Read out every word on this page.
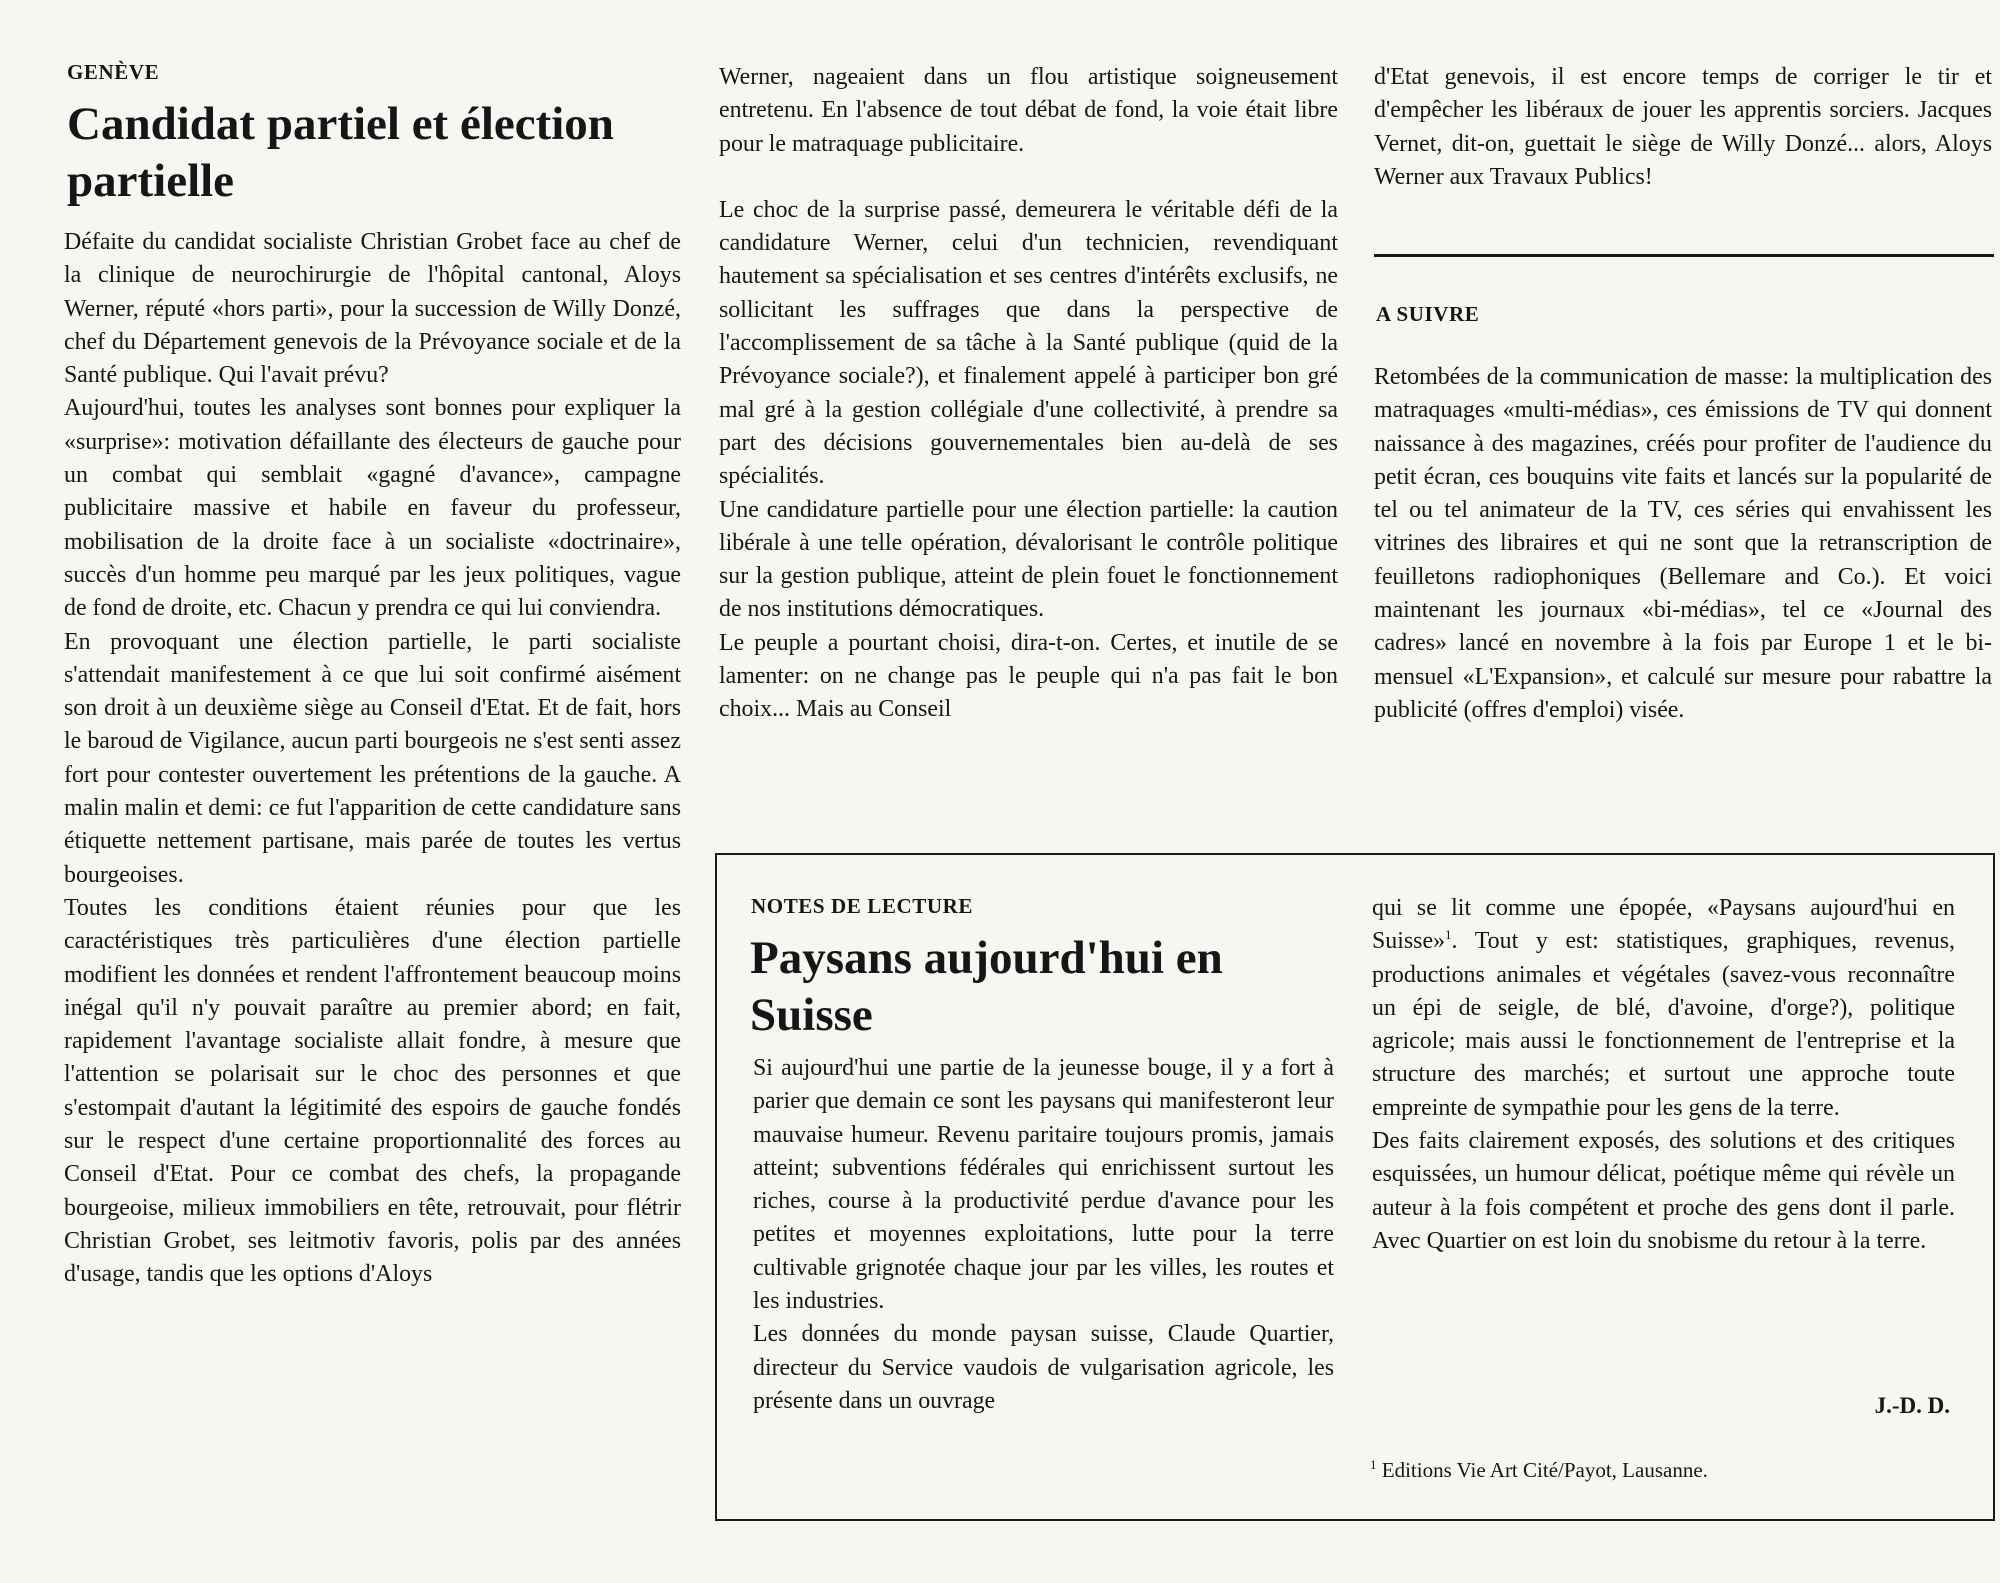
GENÈVE
Candidat partiel et élection partielle

Défaite du candidat socialiste Christian Grobet face au chef de la clinique de neurochirurgie de l'hôpital cantonal, Aloys Werner, réputé «hors parti», pour la succession de Willy Donzé, chef du Département genevois de la Prévoyance sociale et de la Santé publique. Qui l'avait prévu?

Aujourd'hui, toutes les analyses sont bonnes pour expliquer la «surprise»: motivation défaillante des électeurs de gauche pour un combat qui semblait «gagné d'avance», campagne publicitaire massive et habile en faveur du professeur, mobilisation de la droite face à un socialiste «doctrinaire», succès d'un homme peu marqué par les jeux politiques, vague de fond de droite, etc. Chacun y prendra ce qui lui conviendra.

En provoquant une élection partielle, le parti socialiste s'attendait manifestement à ce que lui soit confirmé aisément son droit à un deuxième siège au Conseil d'Etat. Et de fait, hors le baroud de Vigilance, aucun parti bourgeois ne s'est senti assez fort pour contester ouvertement les prétentions de la gauche. A malin malin et demi: ce fut l'apparition de cette candidature sans étiquette nettement partisane, mais parée de toutes les vertus bourgeoises.

Toutes les conditions étaient réunies pour que les caractéristiques très particulières d'une élection partielle modifient les données et rendent l'affrontement beaucoup moins inégal qu'il n'y pouvait paraître au premier abord; en fait, rapidement l'avantage socialiste allait fondre, à mesure que l'attention se polarisait sur le choc des personnes et que s'estompait d'autant la légitimité des espoirs de gauche fondés sur le respect d'une certaine proportionnalité des forces au Conseil d'Etat. Pour ce combat des chefs, la propagande bourgeoise, milieux immobiliers en tête, retrouvait, pour flétrir Christian Grobet, ses leitmotiv favoris, polis par des années d'usage, tandis que les options d'Aloys

Werner, nageaient dans un flou artistique soigneusement entretenu. En l'absence de tout débat de fond, la voie était libre pour le matraquage publicitaire.

Le choc de la surprise passé, demeurera le véritable défi de la candidature Werner, celui d'un technicien, revendiquant hautement sa spécialisation et ses centres d'intérêts exclusifs, ne sollicitant les suffrages que dans la perspective de l'accomplissement de sa tâche à la Santé publique (quid de la Prévoyance sociale?), et finalement appelé à participer bon gré mal gré à la gestion collégiale d'une collectivité, à prendre sa part des décisions gouvernementales bien au-delà de ses spécialités.

Une candidature partielle pour une élection partielle: la caution libérale à une telle opération, dévalorisant le contrôle politique sur la gestion publique, atteint de plein fouet le fonctionnement de nos institutions démocratiques.

Le peuple a pourtant choisi, dira-t-on. Certes, et inutile de se lamenter: on ne change pas le peuple qui n'a pas fait le bon choix... Mais au Conseil

d'Etat genevois, il est encore temps de corriger le tir et d'empêcher les libéraux de jouer les apprentis sorciers. Jacques Vernet, dit-on, guettait le siège de Willy Donzé... alors, Aloys Werner aux Travaux Publics!

A SUIVRE

Retombées de la communication de masse: la multiplication des matraquages «multi-médias», ces émissions de TV qui donnent naissance à des magazines, créés pour profiter de l'audience du petit écran, ces bouquins vite faits et lancés sur la popularité de tel ou tel animateur de la TV, ces séries qui envahissent les vitrines des libraires et qui ne sont que la retranscription de feuilletons radiophoniques (Bellemare and Co.). Et voici maintenant les journaux «bi-médias», tel ce «Journal des cadres» lancé en novembre à la fois par Europe 1 et le bi-mensuel «L'Expansion», et calculé sur mesure pour rabattre la publicité (offres d'emploi) visée.

NOTES DE LECTURE
Paysans aujourd'hui en Suisse

Si aujourd'hui une partie de la jeunesse bouge, il y a fort à parier que demain ce sont les paysans qui manifesteront leur mauvaise humeur. Revenu paritaire toujours promis, jamais atteint; subventions fédérales qui enrichissent surtout les riches, course à la productivité perdue d'avance pour les petites et moyennes exploitations, lutte pour la terre cultivable grignotée chaque jour par les villes, les routes et les industries.

Les données du monde paysan suisse, Claude Quartier, directeur du Service vaudois de vulgarisation agricole, les présente dans un ouvrage

qui se lit comme une épopée, «Paysans aujourd'hui en Suisse»$^1$. Tout y est: statistiques, graphiques, revenus, productions animales et végétales (savez-vous reconnaître un épi de seigle, de blé, d'avoine, d'orge?), politique agricole; mais aussi le fonctionnement de l'entreprise et la structure des marchés; et surtout une approche toute empreinte de sympathie pour les gens de la terre.

Des faits clairement exposés, des solutions et des critiques esquissées, un humour délicat, poétique même qui révèle un auteur à la fois compétent et proche des gens dont il parle. Avec Quartier on est loin du snobisme du retour à la terre.

J.-D. D.
$^1$ Editions Vie Art Cité/Payot, Lausanne.
